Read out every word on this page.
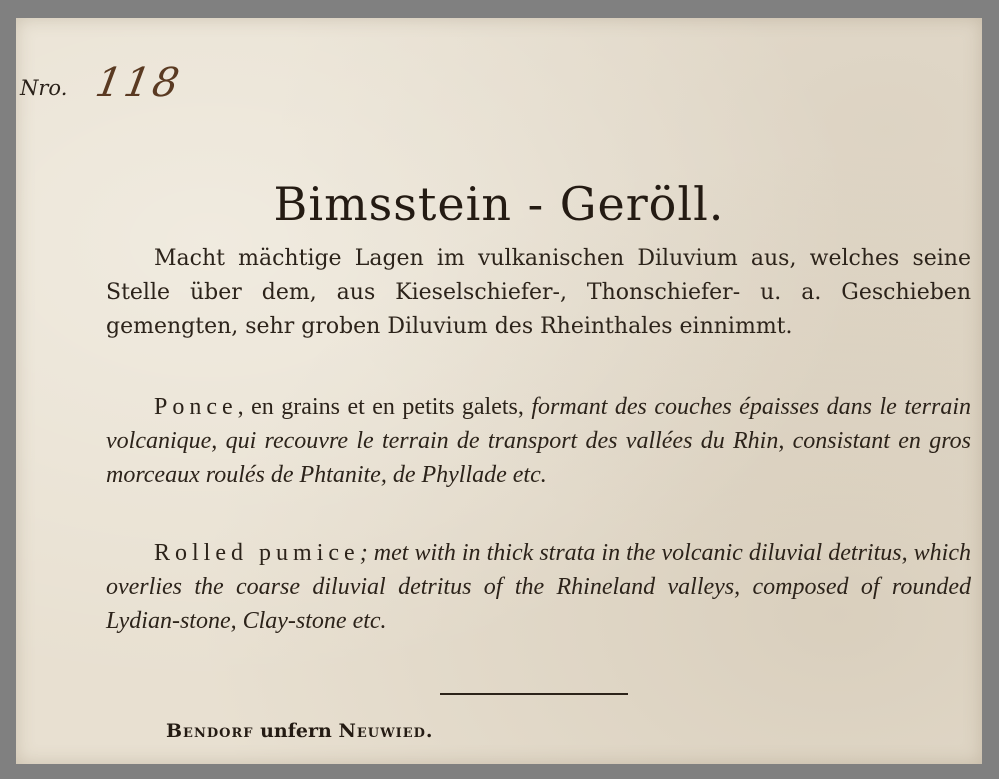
Nro. 118
Bimsstein - Geröll.

Macht mächtige Lagen im vulkanischen Diluvium aus, welches seine Stelle über dem, aus Kieselschiefer-, Thonschiefer- u. a. Geschieben gemengten, sehr groben Diluvium des Rheinthales einnimmt.

Ponce, en grains et en petits galets, formant des couches épaisses dans le terrain volcanique, qui recouvre le terrain de transport des vallées du Rhin, consistant en gros morceaux roulés de Phtanite, de Phyllade etc.

Rolled pumice; met with in thick strata in the volcanic diluvial detritus, which overlies the coarse diluvial detritus of the Rhineland valleys, composed of rounded Lydian-stone, Clay-stone etc.

Bendorf unfern Neuwied.
